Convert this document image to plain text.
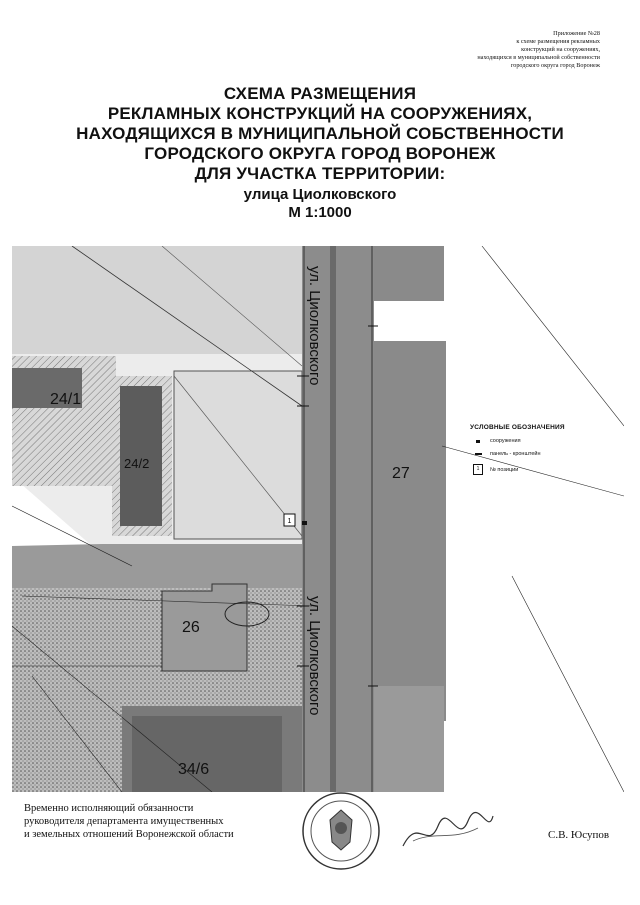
Приложение №28
к схеме размещения рекламных
конструкций на сооружениях,
находящихся в муниципальной собственности
городского округа город Воронеж
СХЕМА РАЗМЕЩЕНИЯ
РЕКЛАМНЫХ КОНСТРУКЦИЙ НА СООРУЖЕНИЯХ,
НАХОДЯЩИХСЯ В МУНИЦИПАЛЬНОЙ СОБСТВЕННОСТИ
ГОРОДСКОГО ОКРУГА ГОРОД ВОРОНЕЖ
ДЛЯ УЧАСТКА ТЕРРИТОРИИ:
улица Циолковского
М 1:1000
1
ул. Циолковского
ул. Циолковского
24/1
24/2
26
27
34/6
УСЛОВНЫЕ ОБОЗНАЧЕНИЯ
сооружения
панель - кронштейн
1	№ позиции
Временно исполняющий обязанности
руководителя департамента имущественных
и земельных отношений Воронежской области	С.В. Юсупов
